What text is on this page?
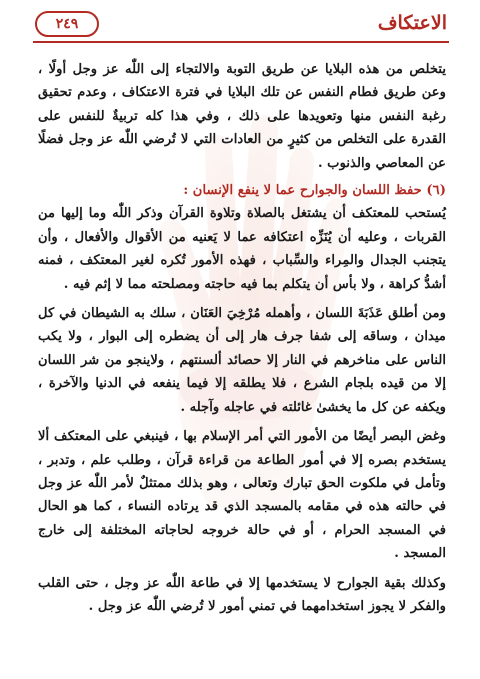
الاعتكاف
٢٤٩

يتخلص من هذه البلايا عن طريق التوبة والالتجاء إلى اللّٰه عز وجل أولًا ، وعن طريق فطام النفس عن تلك البلايا في فترة الاعتكاف ، وعدم تحقيق رغبة النفس منها وتعويدها على ذلك ، وفي هذا كله تربيةٌ للنفس على القدرة على التخلص من كثيرٍ من العادات التي لا تُرضي اللّٰه عز وجل فضلًا عن المعاصي والذنوب .

(٦) حفظ اللسان والجوارح عما لا ينفع الإنسان :

يُستحب للمعتكف أن يشتغل بالصلاة وتلاوة القرآن وذكر اللّٰه وما إليها من القربات ، وعليه أن يُنَزِّه اعتكافه عما لا يَعنيه من الأقوال والأفعال ، وأن يتجنب الجدال والمِراء والسِّباب ، فهذه الأمور تُكره لغير المعتكف ، فمنه أشدُّ كراهة ، ولا بأس أن يتكلم بما فيه حاجته ومصلحته مما لا إثم فيه .

ومن أطلق عَذَبَةَ اللسان ، وأهمله مُرْخِيَ العَنَان ، سلك به الشيطان في كل ميدان ، وساقه إلى شفا جرف هار إلى أن يضطره إلى البوار ، ولا يكب الناس على مناخرهم في النار إلا حصائد ألسنتهم ، ولاينجو من شر اللسان إلا من قيده بلجام الشرع ، فلا يطلقه إلا فيما ينفعه في الدنيا والآخرة ، ويكفه عن كل ما يخشىٰ غائلته في عاجله وآجله .

وغض البصر أيضًا من الأمور التي أمر الإسلام بها ، فينبغي على المعتكف ألا يستخدم بصره إلا في أمور الطاعة من قراءة قرآن ، وطلب علم ، وتدبر ، وتأمل في ملكوت الحق تبارك وتعالى ، وهو بذلك ممتثلٌ لأمر اللّٰه عز وجل في حالته هذه في مقامه بالمسجد الذي قد يرتاده النساء ، كما هو الحال في المسجد الحرام ، أو في حالة خروجه لحاجاته المختلفة إلى خارج المسجد .

وكذلك بقية الجوارح لا يستخدمها إلا في طاعة اللّٰه عز وجل ، حتى القلب والفكر لا يجوز استخدامهما في تمني أمور لا تُرضي اللّٰه عز وجل .
